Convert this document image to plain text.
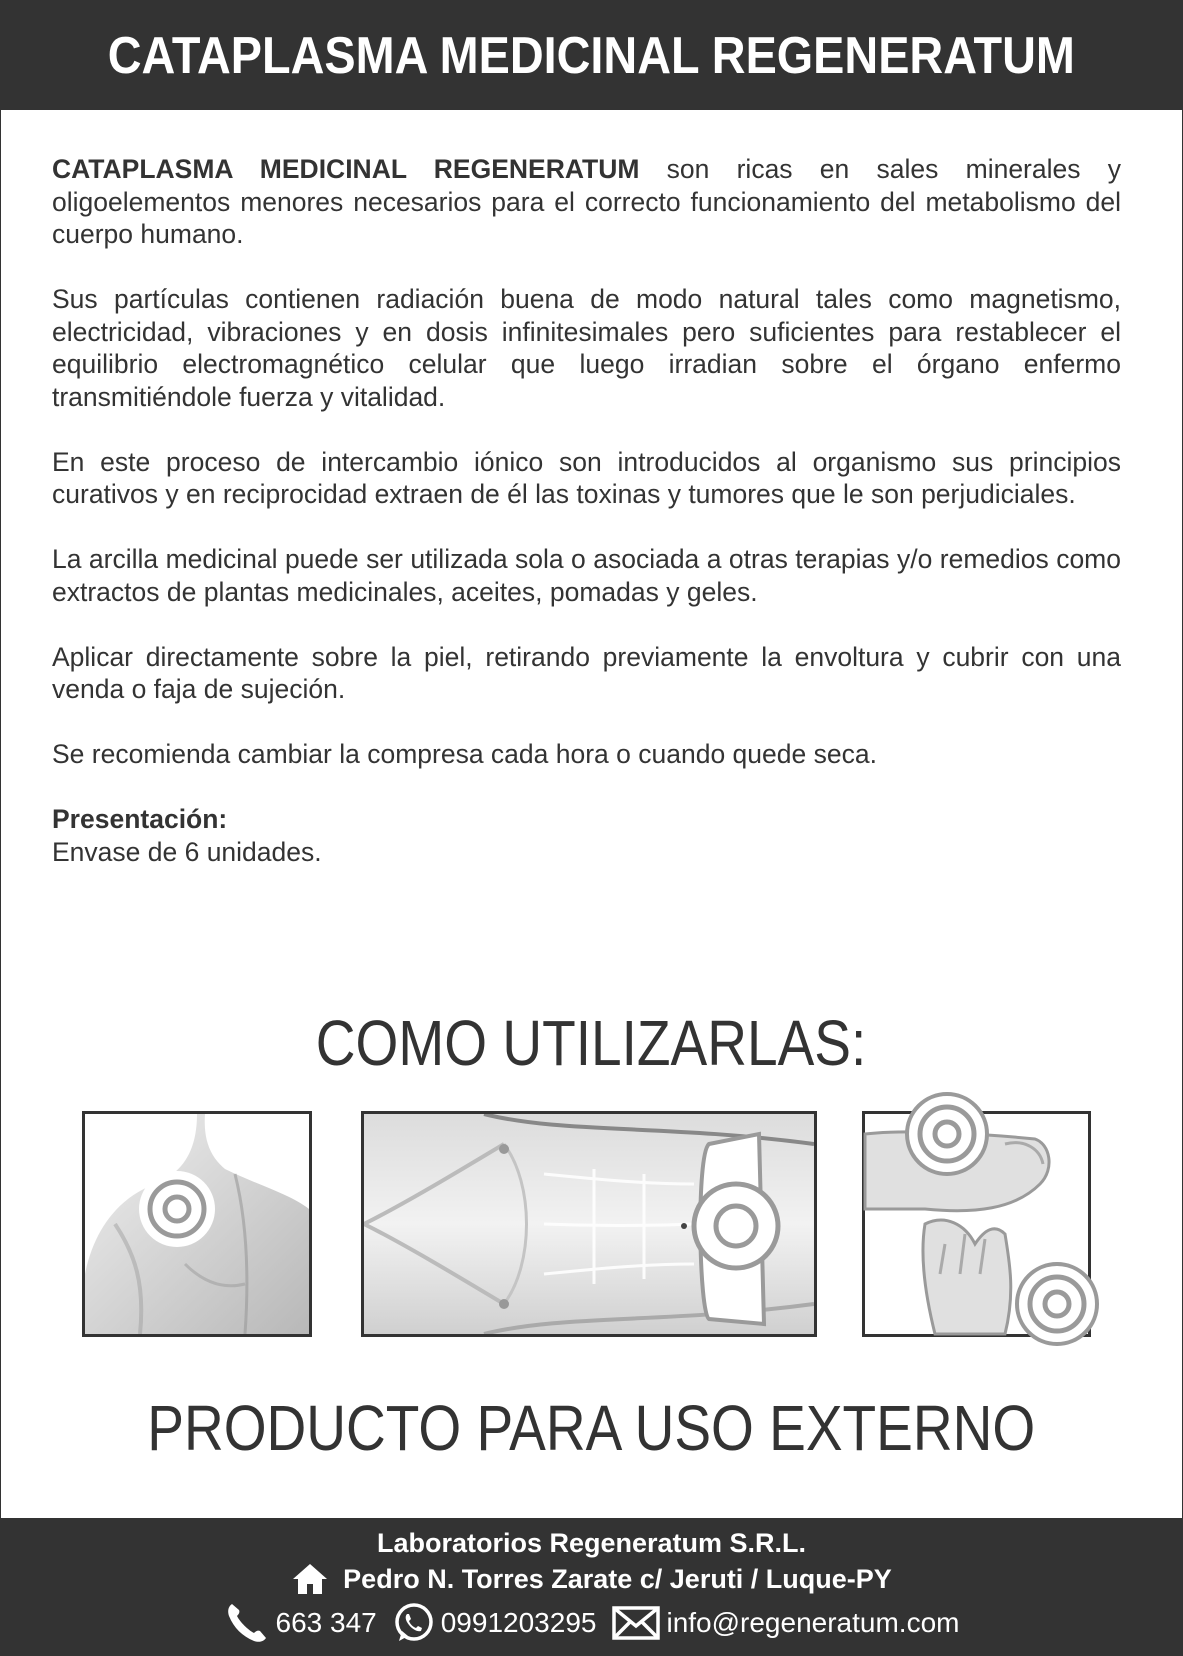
CATAPLASMA MEDICINAL REGENERATUM

CATAPLASMA MEDICINAL REGENERATUM son ricas en sales minerales y oligoelementos menores necesarios para el correcto funcionamiento del metabolismo del cuerpo humano.

Sus partículas contienen radiación buena de modo natural tales como magnetismo, electricidad, vibraciones y en dosis infinitesimales pero suficientes para restablecer el equilibrio electromagnético celular que luego irradian sobre el órgano enfermo transmitiéndole fuerza y vitalidad.

En este proceso de intercambio iónico son introducidos al organismo sus principios curativos y en reciprocidad extraen de él las toxinas y tumores que le son perjudiciales.

La arcilla medicinal puede ser utilizada sola o asociada a otras terapias y/o remedios como extractos de plantas medicinales, aceites, pomadas y geles.

Aplicar directamente sobre la piel, retirando previamente la envoltura y cubrir con una venda o faja de sujeción.

Se recomienda cambiar la compresa cada hora o cuando quede seca.

Presentación:
Envase de 6 unidades.
COMO UTILIZARLAS:
PRODUCTO PARA USO EXTERNO
Laboratorios Regeneratum S.R.L.
Pedro N. Torres Zarate c/ Jeruti / Luque-PY
663 347 0991203295	info@regeneratum.com
